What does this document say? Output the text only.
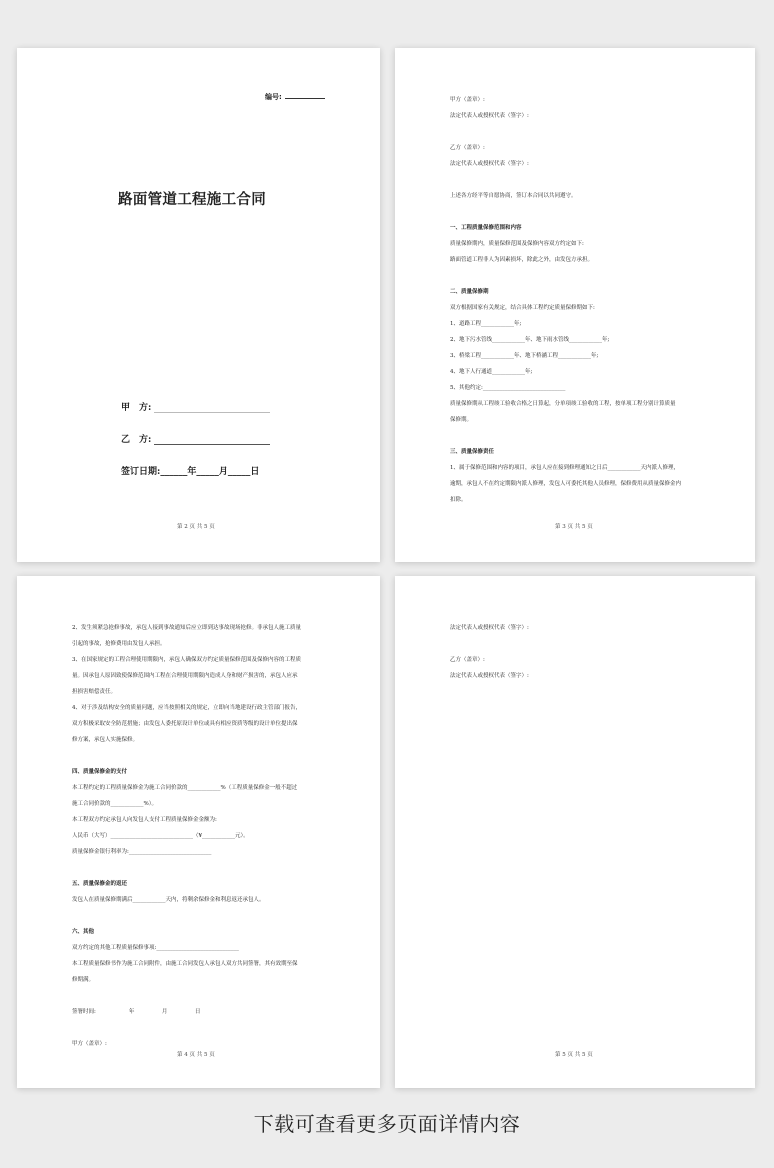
编号:
路面管道工程施工合同
甲　方:
乙　方:
签订日期:______年_____月_____日
第 2 页 共 5 页
甲方（盖章）:
法定代表人或授权代表（签字）:
乙方（盖章）:
法定代表人或授权代表（签字）:
上述各方经平等自愿协商，签订本合同以共同遵守。
一、工程质量保修范围和内容
质量保修期内，质量保修范围及保修内容双方约定如下:
路面管道工程非人为因素损坏，除此之外，由发包方承担。
二、质量保修期
双方根据国家有关规定，结合具体工程约定质量保修期如下:
1、道路工程____________年;
2、地下污水管线____________年、地下雨水管线____________年;
3、桥梁工程____________年、地下桥涵工程____________年;
4、地下人行通道____________年;
5、其他约定:______________________________
质量保修期从工程竣工验收合格之日算起，分单项竣工验收的工程，按单项工程分别计算质量
保修期。
三、质量保修责任
1、属于保修范围和内容的项目，承包人应在接到修理通知之日后____________天内派人修理，
逾期，承包人不在约定期限内派人修理，发包人可委托其他人员修理，保修费用从质量保修金内
扣除。
第 3 页 共 5 页
2、发生须紧急抢修事故，承包人接到事故通知后应立即到达事故现场抢修。非承包人施工质量
引起的事故，抢修费用由发包人承担。
3、在国家规定的工程合理使用期限内，承包人确保双方约定质量保修范围及保修内容的工程质
量。因承包人原因致使保修范围内工程在合理使用期限内造成人身和财产损害的，承包人应承
担损害赔偿责任。
4、对于涉及结构安全的质量问题，应当按照相关的规定，立即向当地建设行政主管部门报告，
双方积极采取安全防范措施；由发包人委托原设计单位或具有相应资质等级的设计单位提出保
修方案，承包人实施保修。
四、质量保修金的支付
本工程约定的工程质量保修金为施工合同价款的____________%（工程质量保修金一般不超过
施工合同价款的____________%）。
本工程双方约定承包人向发包人支付工程质量保修金金额为:
人民币（大写）______________________________（¥____________元）。
质量保修金银行利率为:______________________________
五、质量保修金的返还
发包人在质量保修期满后____________天内，将剩余保修金和利息返还承包人。
六、其他
双方约定的其他工程质量保修事项:______________________________
本工程质量保修书作为施工合同附件，由施工合同发包人承包人双方共同签署，其有效期至保
修期满。
签署时间:　　　　　　年　　　　　月　　　　　日
甲方（盖章）:
第 4 页 共 5 页
法定代表人或授权代表（签字）:
乙方（盖章）:
法定代表人或授权代表（签字）:
第 5 页 共 5 页
下载可查看更多页面详情内容
